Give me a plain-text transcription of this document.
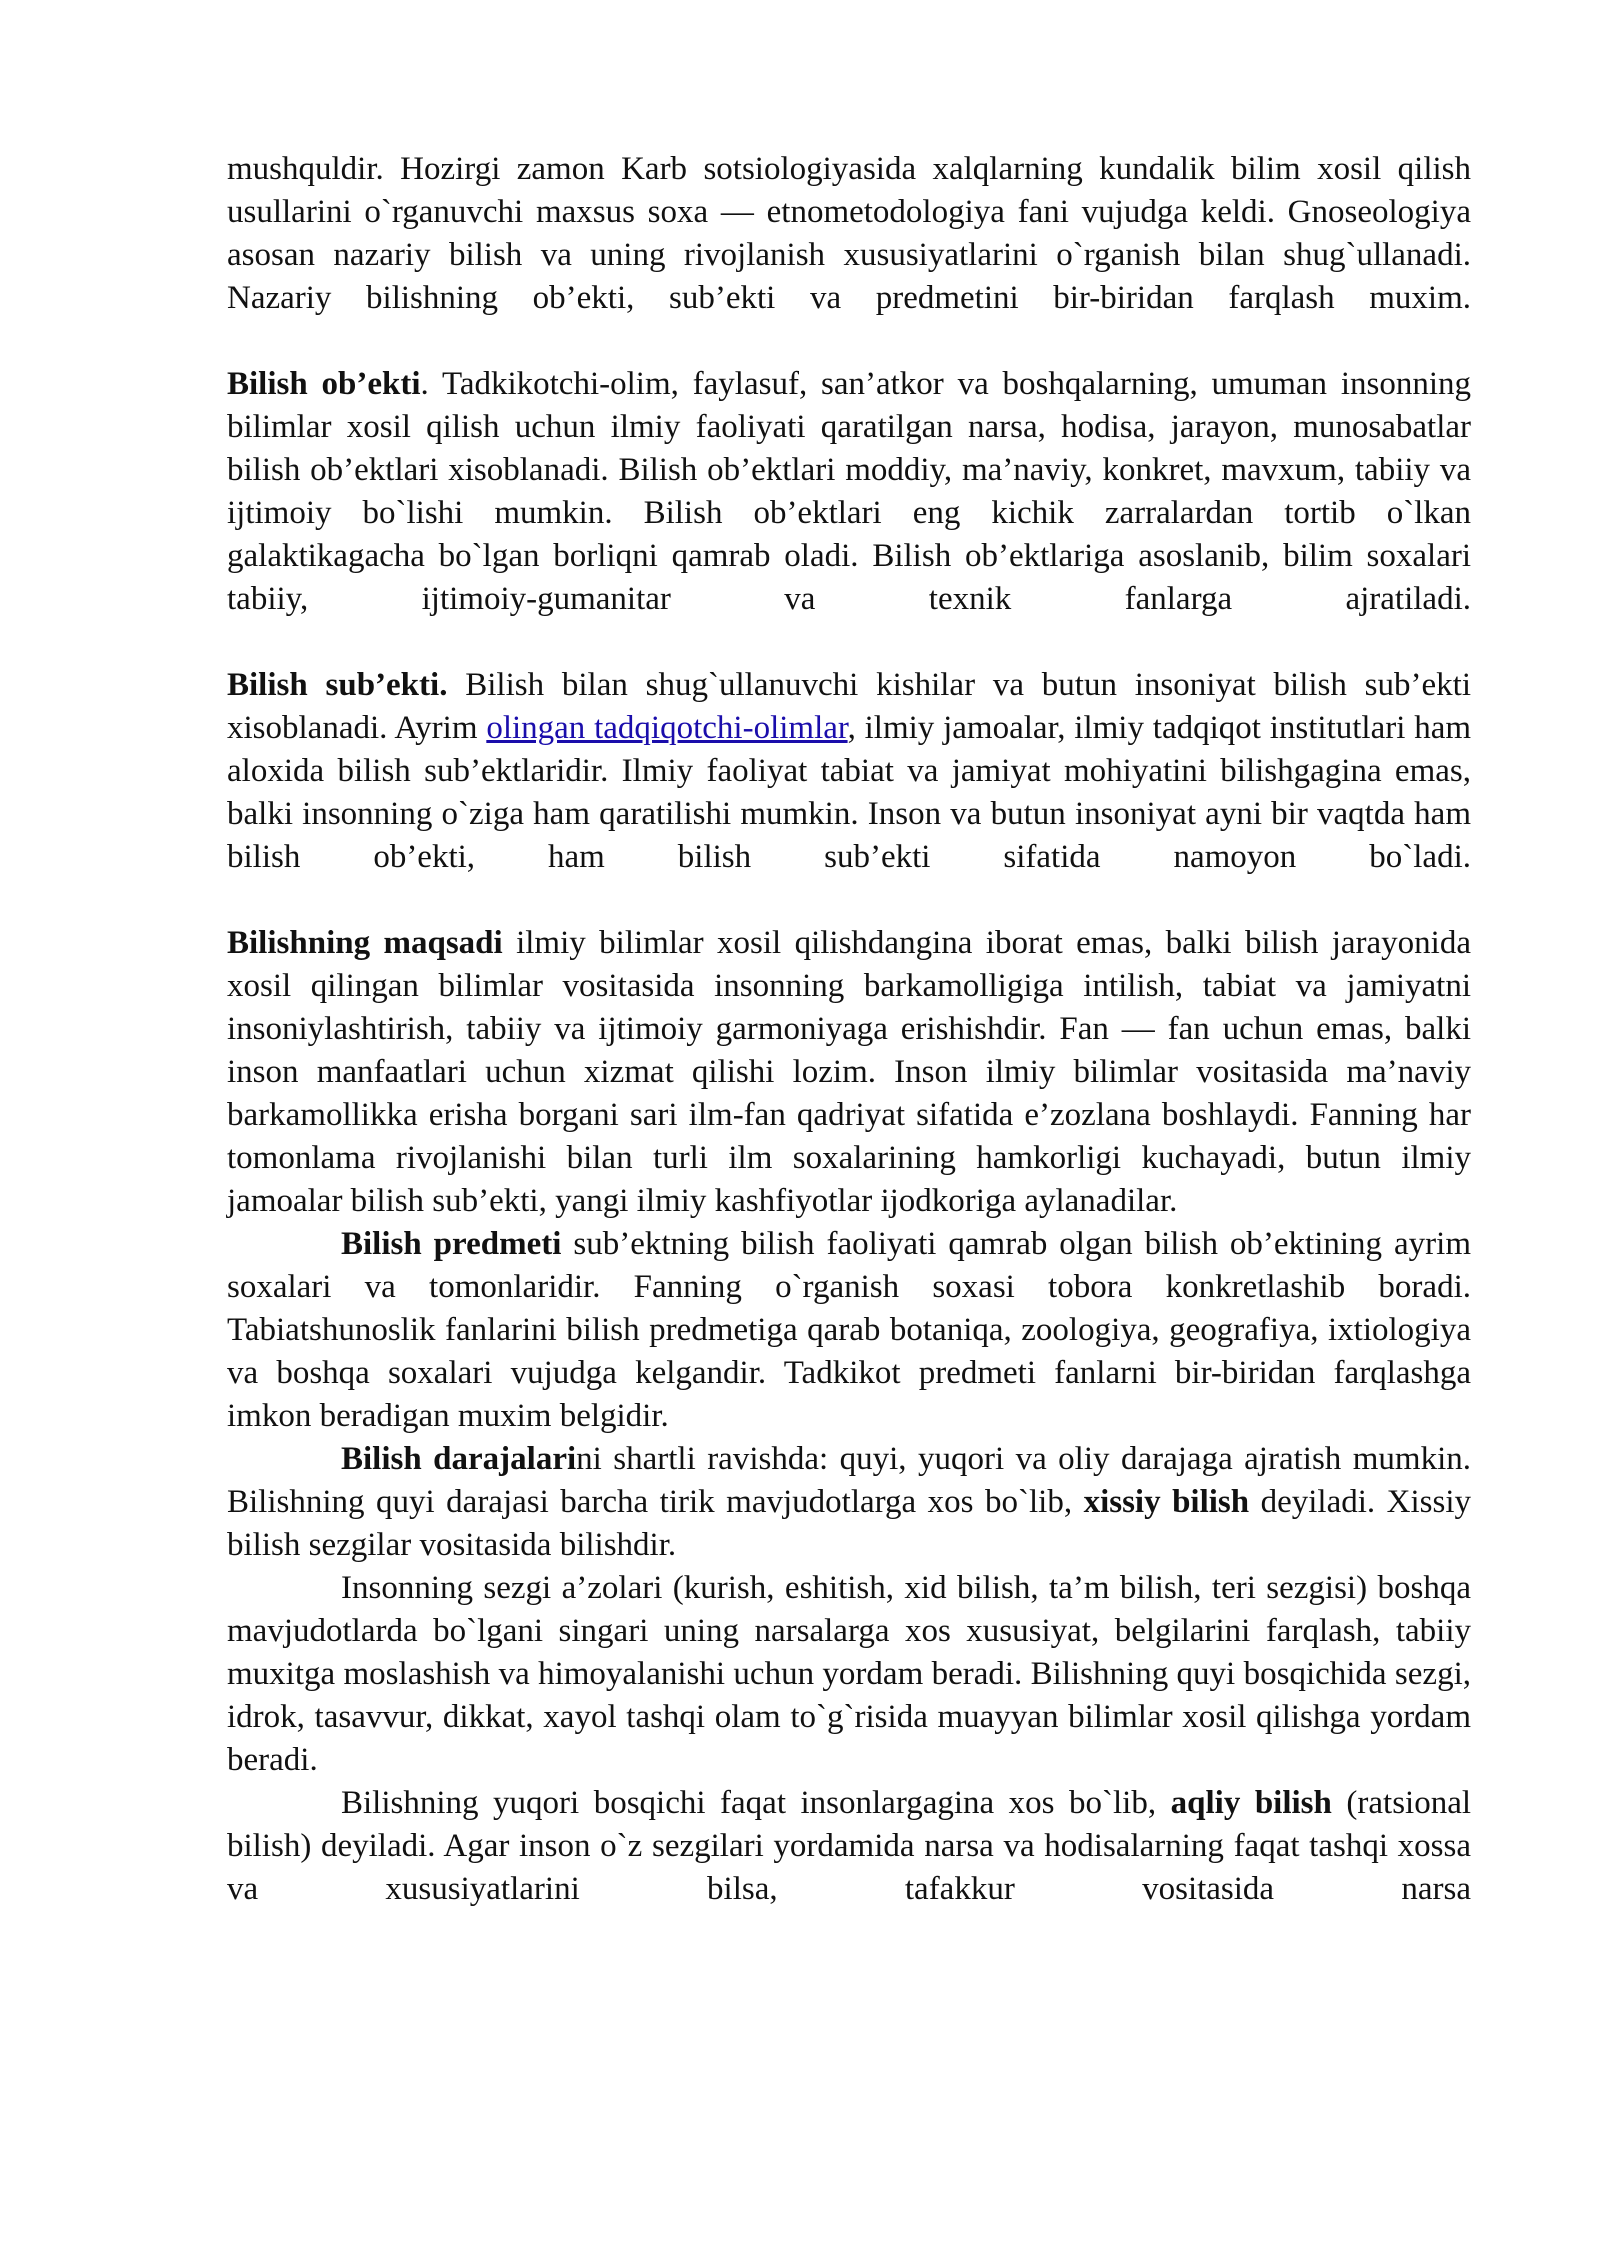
mushquldir. Hozirgi zamon Karb sotsiologiyasida xalqlarning kundalik bilim xosil qilish usullarini o`rganuvchi maxsus soxa — etnometodologiya fani vujudga keldi. Gnoseologiya asosan nazariy bilish va uning rivojlanish xususiyatlarini o`rganish bilan shug`ullanadi. Nazariy bilishning ob’ekti, sub’ekti va predmetini bir-biridan farqlash muxim.

Bilish ob’ekti. Tadkikotchi-olim, faylasuf, san’atkor va boshqalarning, umuman insonning bilimlar xosil qilish uchun ilmiy faoliyati qaratilgan narsa, hodisa, jarayon, munosabatlar bilish ob’ektlari xisoblanadi. Bilish ob’ektlari moddiy, ma’naviy, konkret, mavxum, tabiiy va ijtimoiy bo`lishi mumkin. Bilish ob’ektlari eng kichik zarralardan tortib o`lkan galaktikagacha bo`lgan borliqni qamrab oladi. Bilish ob’ektlariga asoslanib, bilim soxalari tabiiy, ijtimoiy-gumanitar va texnik fanlarga ajratiladi.

Bilish sub’ekti. Bilish bilan shug`ullanuvchi kishilar va butun insoniyat bilish sub’ekti xisoblanadi. Ayrim olingan tadqiqotchi-olimlar, ilmiy jamoalar, ilmiy tadqiqot institutlari ham aloxida bilish sub’ektlaridir. Ilmiy faoliyat tabiat va jamiyat mohiyatini bilishgagina emas, balki insonning o`ziga ham qaratilishi mumkin. Inson va butun insoniyat ayni bir vaqtda ham bilish ob’ekti, ham bilish sub’ekti sifatida namoyon bo`ladi.

Bilishning maqsadi ilmiy bilimlar xosil qilishdangina iborat emas, balki bilish jarayonida xosil qilingan bilimlar vositasida insonning barkamolligiga intilish, tabiat va jamiyatni insoniylashtirish, tabiiy va ijtimoiy garmoniyaga erishishdir. Fan — fan uchun emas, balki inson manfaatlari uchun xizmat qilishi lozim. Inson ilmiy bilimlar vositasida ma’naviy barkamollikka erisha borgani sari ilm-fan qadriyat sifatida e’zozlana boshlaydi. Fanning har tomonlama rivojlanishi bilan turli ilm soxalarining hamkorligi kuchayadi, butun ilmiy jamoalar bilish sub’ekti, yangi ilmiy kashfiyotlar ijodkoriga aylanadilar.

Bilish predmeti sub’ektning bilish faoliyati qamrab olgan bilish ob’ektining ayrim soxalari va tomonlaridir. Fanning o`rganish soxasi tobora konkretlashib boradi. Tabiatshunoslik fanlarini bilish predmetiga qarab botaniqa, zoologiya, geografiya, ixtiologiya va boshqa soxalari vujudga kelgandir. Tadkikot predmeti fanlarni bir-biridan farqlashga imkon beradigan muxim belgidir.

Bilish darajalarini shartli ravishda: quyi, yuqori va oliy darajaga ajratish mumkin. Bilishning quyi darajasi barcha tirik mavjudotlarga xos bo`lib, xissiy bilish deyiladi. Xissiy bilish sezgilar vositasida bilishdir.

Insonning sezgi a’zolari (kurish, eshitish, xid bilish, ta’m bilish, teri sezgisi) boshqa mavjudotlarda bo`lgani singari uning narsalarga xos xususiyat, belgilarini farqlash, tabiiy muxitga moslashish va himoyalanishi uchun yordam beradi. Bilishning quyi bosqichida sezgi, idrok, tasavvur, dikkat, xayol tashqi olam to`g`risida muayyan bilimlar xosil qilishga yordam beradi.

Bilishning yuqori bosqichi faqat insonlargagina xos bo`lib, aqliy bilish (ratsional bilish) deyiladi. Agar inson o`z sezgilari yordamida narsa va hodisalarning faqat tashqi xossa va xususiyatlarini bilsa, tafakkur vositasida narsa
